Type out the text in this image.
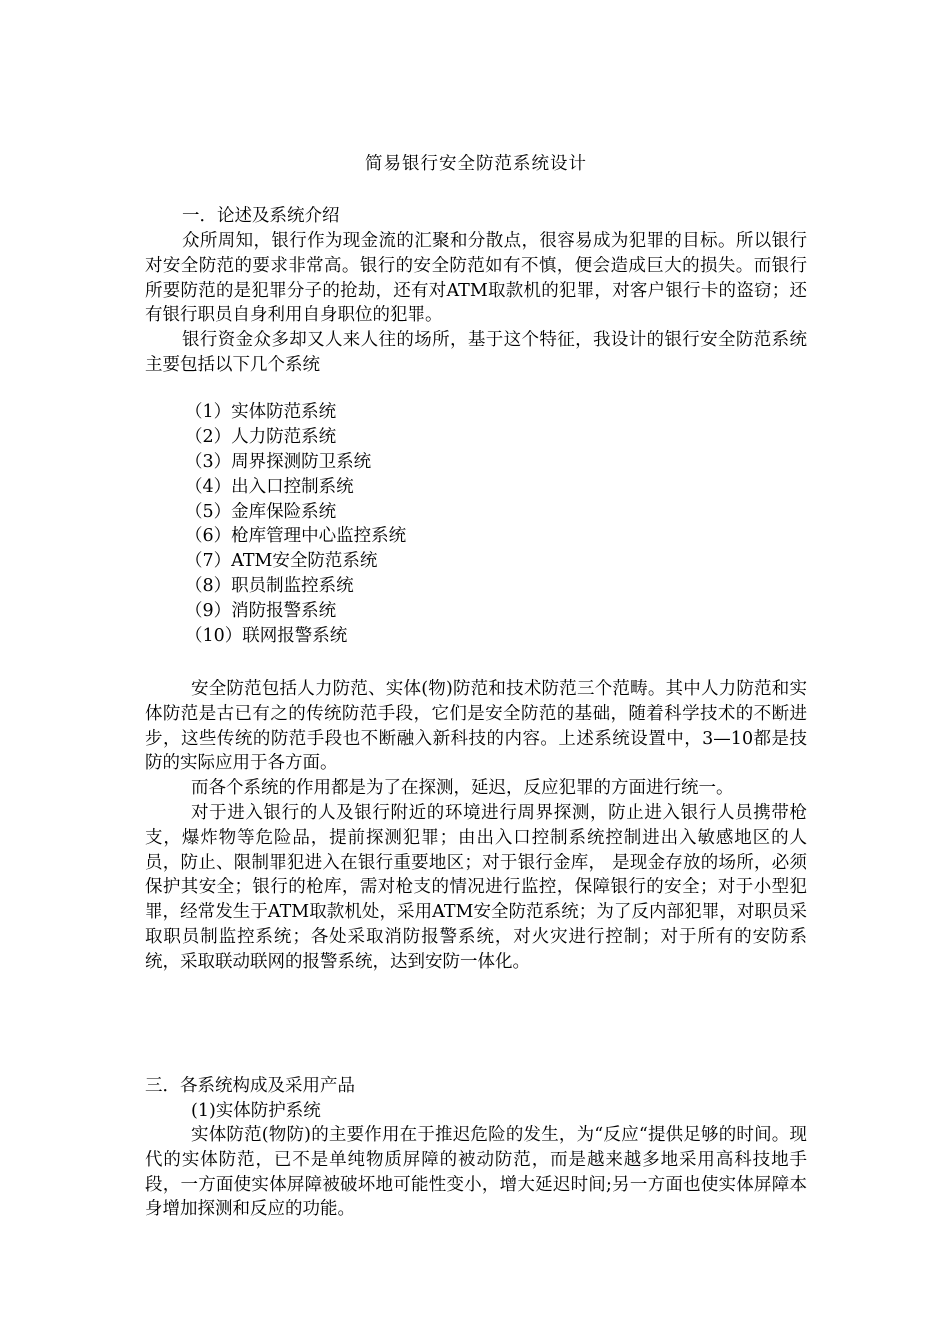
简易银行安全防范系统设计
一．论述及系统介绍

众所周知，银行作为现金流的汇聚和分散点，很容易成为犯罪的目标。所以银行对安全防范的要求非常高。银行的安全防范如有不慎，便会造成巨大的损失。而银行所要防范的是犯罪分子的抢劫，还有对ATM取款机的犯罪，对客户银行卡的盗窃；还有银行职员自身利用自身职位的犯罪。

银行资金众多却又人来人往的场所，基于这个特征，我设计的银行安全防范系统主要包括以下几个系统

（1）实体防范系统
（2）人力防范系统
（3）周界探测防卫系统
（4）出入口控制系统
（5）金库保险系统
（6）枪库管理中心监控系统
（7）ATM安全防范系统
（8）职员制监控系统
（9）消防报警系统
（10）联网报警系统

安全防范包括人力防范、实体(物)防范和技术防范三个范畴。其中人力防范和实体防范是古已有之的传统防范手段，它们是安全防范的基础，随着科学技术的不断进步，这些传统的防范手段也不断融入新科技的内容。上述系统设置中，3—10都是技防的实际应用于各方面。

而各个系统的作用都是为了在探测，延迟，反应犯罪的方面进行统一。

对于进入银行的人及银行附近的环境进行周界探测，防止进入银行人员携带枪支，爆炸物等危险品，提前探测犯罪；由出入口控制系统控制进出入敏感地区的人员，防止、限制罪犯进入在银行重要地区；对于银行金库， 是现金存放的场所，必须保护其安全；银行的枪库，需对枪支的情况进行监控，保障银行的安全；对于小型犯罪，经常发生于ATM取款机处，采用ATM安全防范系统；为了反内部犯罪，对职员采取职员制监控系统；各处采取消防报警系统，对火灾进行控制；对于所有的安防系统，采取联动联网的报警系统，达到安防一体化。

三．各系统构成及采用产品
(1)实体防护系统

实体防范(物防)的主要作用在于推迟危险的发生，为“反应“提供足够的时间。现代的实体防范，已不是单纯物质屏障的被动防范，而是越来越多地采用高科技地手段，一方面使实体屏障被破坏地可能性变小，增大延迟时间;另一方面也使实体屏障本身增加探测和反应的功能。
